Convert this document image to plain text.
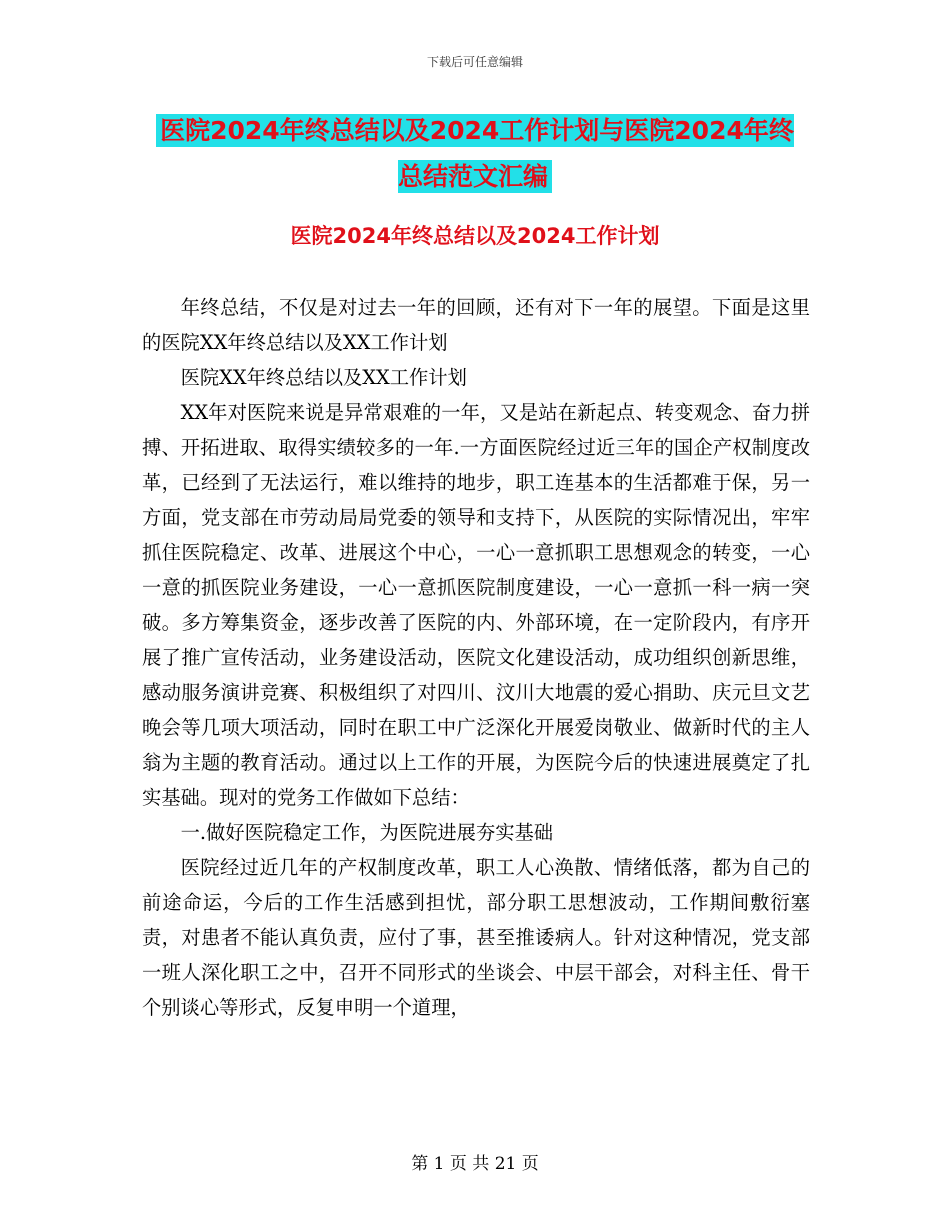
下载后可任意编辑
医院2024年终总结以及2024工作计划与医院2024年终总结范文汇编
医院2024年终总结以及2024工作计划

年终总结，不仅是对过去一年的回顾，还有对下一年的展望。下面是这里的医院XX年终总结以及XX工作计划

医院XX年终总结以及XX工作计划

XX年对医院来说是异常艰难的一年，又是站在新起点、转变观念、奋力拼搏、开拓进取、取得实绩较多的一年.一方面医院经过近三年的国企产权制度改革，已经到了无法运行，难以维持的地步，职工连基本的生活都难于保，另一方面，党支部在市劳动局局党委的领导和支持下，从医院的实际情况出，牢牢抓住医院稳定、改革、进展这个中心，一心一意抓职工思想观念的转变，一心一意的抓医院业务建设，一心一意抓医院制度建设，一心一意抓一科一病一突破。多方筹集资金，逐步改善了医院的内、外部环境，在一定阶段内，有序开展了推广宣传活动，业务建设活动，医院文化建设活动，成功组织创新思维，感动服务演讲竞赛、积极组织了对四川、汶川大地震的爱心捐助、庆元旦文艺晚会等几项大项活动，同时在职工中广泛深化开展爱岗敬业、做新时代的主人翁为主题的教育活动。通过以上工作的开展，为医院今后的快速进展奠定了扎实基础。现对的党务工作做如下总结：

一.做好医院稳定工作，为医院进展夯实基础

医院经过近几年的产权制度改革，职工人心涣散、情绪低落，都为自己的前途命运，今后的工作生活感到担忧，部分职工思想波动，工作期间敷衍塞责，对患者不能认真负责，应付了事，甚至推诿病人。针对这种情况，党支部一班人深化职工之中，召开不同形式的坐谈会、中层干部会，对科主任、骨干个别谈心等形式，反复申明一个道理，

第 1 页 共 21 页
